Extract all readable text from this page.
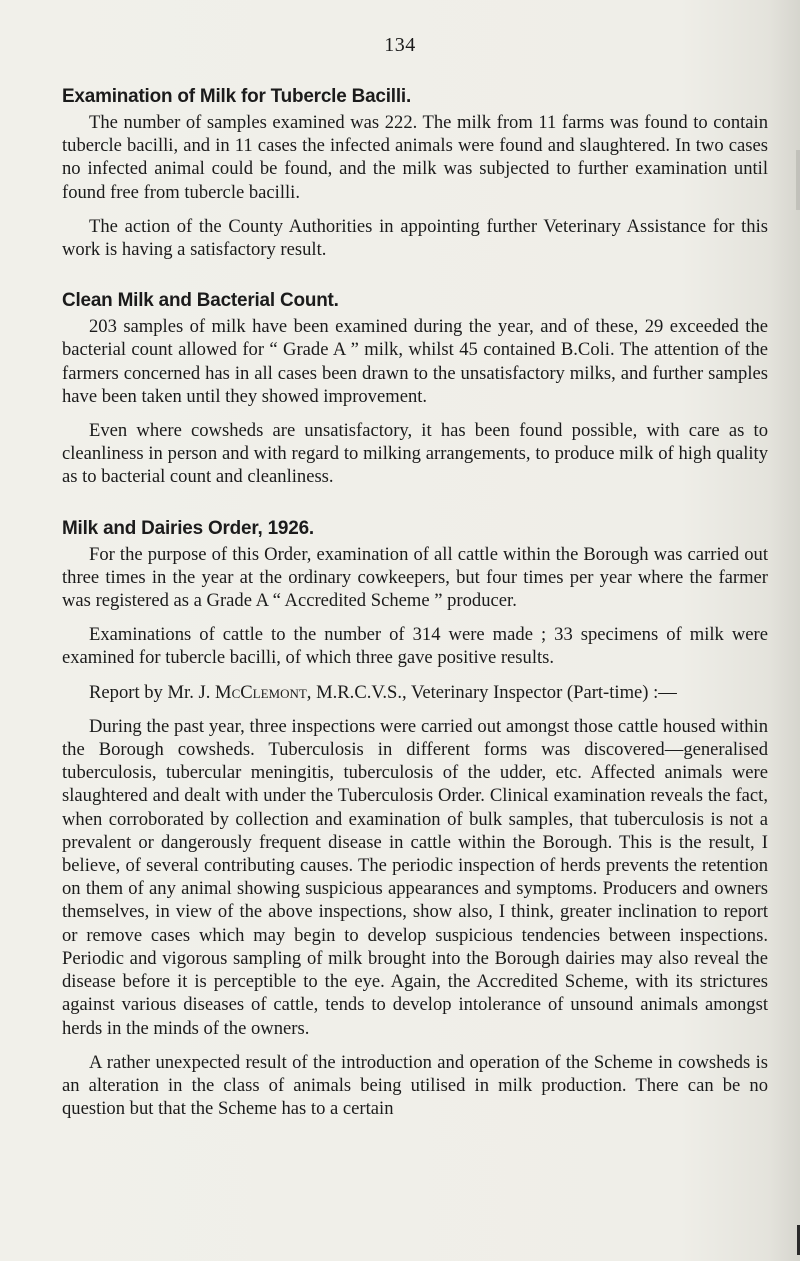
134
Examination of Milk for Tubercle Bacilli.

The number of samples examined was 222. The milk from 11 farms was found to contain tubercle bacilli, and in 11 cases the infected animals were found and slaughtered. In two cases no infected animal could be found, and the milk was subjected to further examination until found free from tubercle bacilli.

The action of the County Authorities in appointing further Veterinary Assistance for this work is having a satisfactory result.

Clean Milk and Bacterial Count.

203 samples of milk have been examined during the year, and of these, 29 exceeded the bacterial count allowed for “ Grade A ” milk, whilst 45 contained B.Coli. The attention of the farmers concerned has in all cases been drawn to the unsatisfactory milks, and further samples have been taken until they showed improvement.

Even where cowsheds are unsatisfactory, it has been found possible, with care as to cleanliness in person and with regard to milking arrangements, to produce milk of high quality as to bacterial count and cleanliness.

Milk and Dairies Order, 1926.

For the purpose of this Order, examination of all cattle within the Borough was carried out three times in the year at the ordinary cowkeepers, but four times per year where the farmer was registered as a Grade A “ Accredited Scheme ” producer.

Examinations of cattle to the number of 314 were made ; 33 specimens of milk were examined for tubercle bacilli, of which three gave positive results.

Report by Mr. J. McClemont, M.R.C.V.S., Veterinary Inspector (Part-time) :—

During the past year, three inspections were carried out amongst those cattle housed within the Borough cowsheds. Tuberculosis in different forms was discovered—generalised tuberculosis, tubercular meningitis, tuberculosis of the udder, etc. Affected animals were slaughtered and dealt with under the Tuberculosis Order. Clinical examination reveals the fact, when corroborated by collection and examination of bulk samples, that tuberculosis is not a prevalent or dangerously frequent disease in cattle within the Borough. This is the result, I believe, of several contributing causes. The periodic inspection of herds prevents the retention on them of any animal showing suspicious appearances and symptoms. Producers and owners themselves, in view of the above inspections, show also, I think, greater inclination to report or remove cases which may begin to develop suspicious tendencies between inspections. Periodic and vigorous sampling of milk brought into the Borough dairies may also reveal the disease before it is perceptible to the eye. Again, the Accredited Scheme, with its strictures against various diseases of cattle, tends to develop intolerance of unsound animals amongst herds in the minds of the owners.

A rather unexpected result of the introduction and operation of the Scheme in cowsheds is an alteration in the class of animals being utilised in milk production. There can be no question but that the Scheme has to a certain
